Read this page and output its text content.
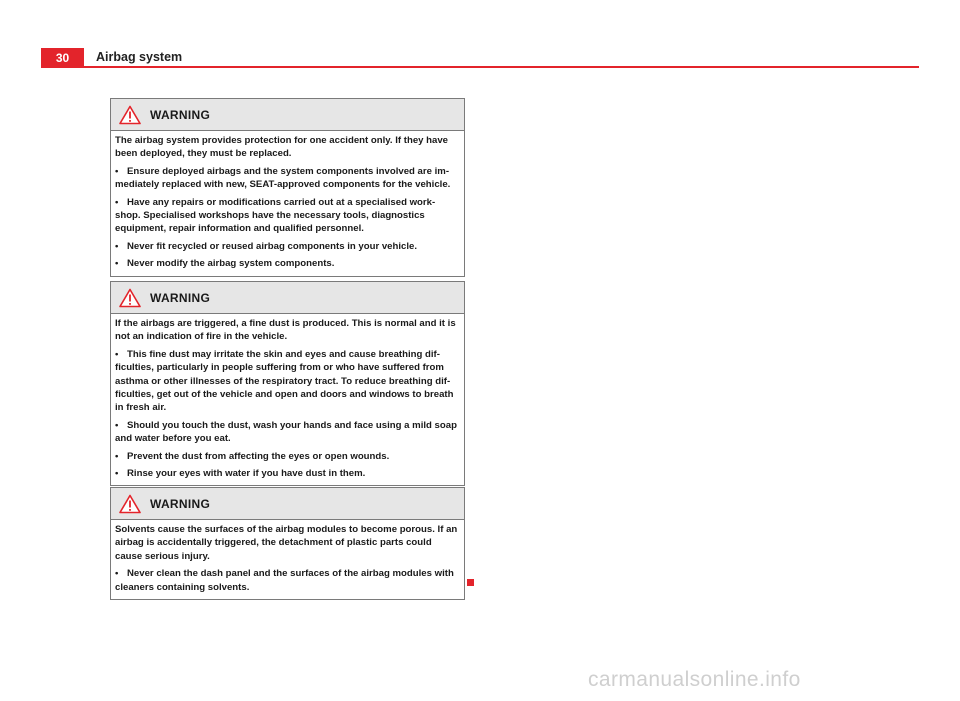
30	Airbag system
WARNING

The airbag system provides protection for one accident only. If they have been deployed, they must be replaced.

• Ensure deployed airbags and the system components involved are im-mediately replaced with new, SEAT-approved components for the vehicle.

• Have any repairs or modifications carried out at a specialised work-shop. Specialised workshops have the necessary tools, diagnostics equipment, repair information and qualified personnel.

• Never fit recycled or reused airbag components in your vehicle.

• Never modify the airbag system components.

WARNING

If the airbags are triggered, a fine dust is produced. This is normal and it is not an indication of fire in the vehicle.

• This fine dust may irritate the skin and eyes and cause breathing dif-ficulties, particularly in people suffering from or who have suffered from asthma or other illnesses of the respiratory tract. To reduce breathing dif-ficulties, get out of the vehicle and open and doors and windows to breath in fresh air.

• Should you touch the dust, wash your hands and face using a mild soap and water before you eat.

• Prevent the dust from affecting the eyes or open wounds.

• Rinse your eyes with water if you have dust in them.

WARNING

Solvents cause the surfaces of the airbag modules to become porous. If an airbag is accidentally triggered, the detachment of plastic parts could cause serious injury.

• Never clean the dash panel and the surfaces of the airbag modules with cleaners containing solvents.

carmanualsonline.info
